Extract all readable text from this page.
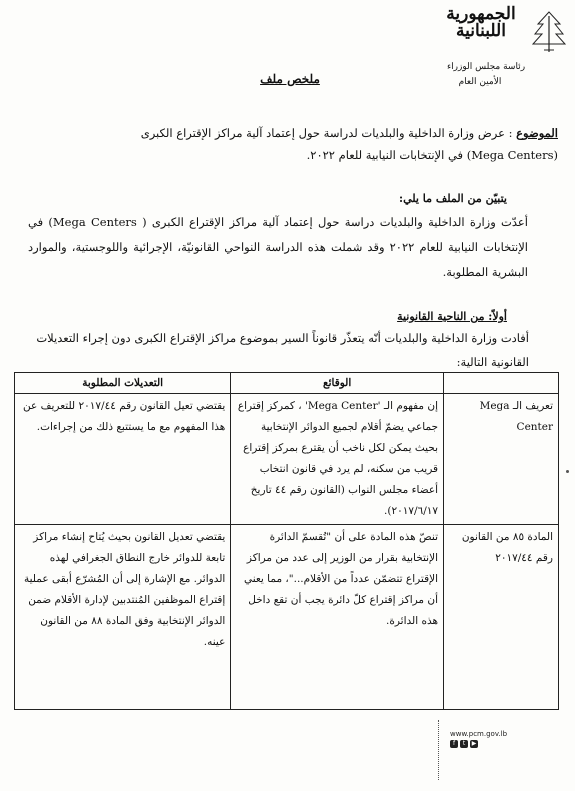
الجمهورية
اللبنانية
رئاسة مجلس الوزراء
الأمين العام
ملخص ملف
الموضوع : عرض وزارة الداخلية والبلديات لدراسة حول إعتماد آلية مراكز الإقتراع الكبرى (Mega Centers) في الإنتخابات النيابية للعام ٢٠٢٢.
يتبيّن من الملف ما يلي:
أعدّت وزارة الداخلية والبلديات دراسة حول إعتماد آلية مراكز الإقتراع الكبرى ( Mega Centers) في الإنتخابات النيابية للعام ٢٠٢٢ وقد شملت هذه الدراسة النواحي القانونيّة، الإجرائية واللوجستية، والموارد البشرية المطلوبة.
أولاً: من الناحية القانونية
أفادت وزارة الداخلية والبلديات أنّه يتعذّر قانوناً السير بموضوع مراكز الإقتراع الكبرى دون إجراء التعديلات القانونية التالية:
	الوقائع	التعديلات المطلوبة
تعريف الـ Mega Center	إن مفهوم الـ 'Mega Center' ، كمركز إقتراع جماعي يضمّ أقلام لجميع الدوائر الإنتخابية بحيث يمكن لكل ناخب أن يقترع بمركز إقتراع قريب من سكنه، لم يرد في قانون انتخاب أعضاء مجلس النواب (القانون رقم ٤٤ تاريخ ٢٠١٧/٦/١٧).	يقتضي تعيل القانون رقم ٢٠١٧/٤٤ للتعريف عن هذا المفهوم مع ما يستتبع ذلك من إجراءات.
المادة ٨٥ من القانون رقم ٢٠١٧/٤٤	تنصّ هذه المادة على أن "تُقسمّ الدائرة الإنتخابية بقرار من الوزير إلى عدد من مراكز الإقتراع تتضمّن عدداً من الأقلام..."، مما يعني أن مراكز إقتراع كلّ دائرة يجب أن تقع داخل هذه الدائرة.	يقتضي تعديل القانون بحيث يُتاح إنشاء مراكز تابعة للدوائر خارج النطاق الجغرافي لهذه الدوائر. مع الإشارة إلى أن المُشرّع أبقى عملية إقتراع الموظفين المُنتدبين لإدارة الأقلام ضمن الدوائر الإنتخابية وفق المادة ٨٨ من القانون عينه.
www.pcm.gov.lb
f	t	▶
